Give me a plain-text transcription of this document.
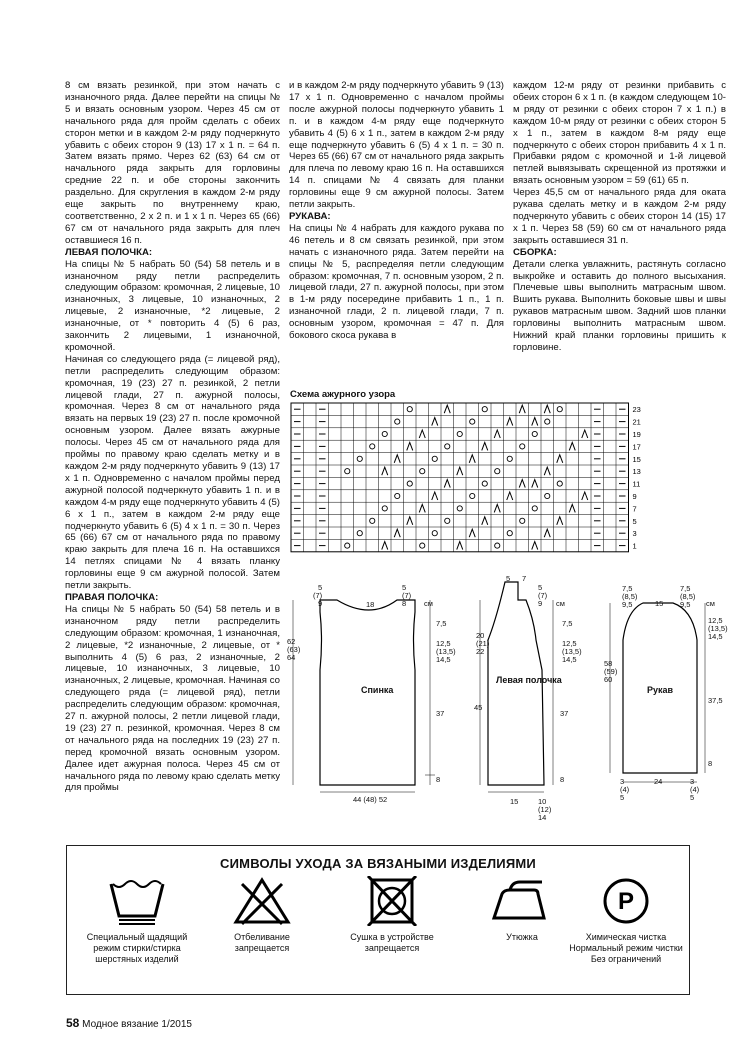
8 см вязать резинкой, при этом начать с изнаночного ряда. Далее перейти на спицы № 5 и вязать основным узором. Через 45 см от начального ряда для пройм сделать с обеих сторон метки и в каждом 2-м ряду подчеркнуто убавить с обеих сторон 9 (13) 17 x 1 п. = 64 п. Затем вязать прямо. Через 62 (63) 64 см от начального ряда закрыть для горловины средние 22 п. и обе стороны закончить раздельно. Для скругления в каждом 2-м ряду еще закрыть по внутреннему краю, соответственно, 2 x 2 п. и 1 x 1 п. Через 65 (66) 67 см от начального ряда закрыть для плеч оставшиеся 16 п.

ЛЕВАЯ ПОЛОЧКА:

На спицы № 5 набрать 50 (54) 58 петель и в изнаночном ряду петли распределить следующим образом: кромочная, 2 лицевые, 10 изнаночных, 3 лицевые, 10 изнаночных, 2 лицевые, 2 изнаночные, *2 лицевые, 2 изнаночные, от * повторить 4 (5) 6 раз, закончить 2 лицевыми, 1 изнаночной, кромочной.

Начиная со следующего ряда (= лицевой ряд), петли распределить следующим образом: кромочная, 19 (23) 27 п. резинкой, 2 петли лицевой глади, 27 п. ажурной полосы, кромочная. Через 8 см от начального ряда вязать на первых 19 (23) 27 п. после кромочной основным узором. Далее вязать ажурные полосы. Через 45 см от начального ряда для проймы по правому краю сделать метку и в каждом 2-м ряду подчеркнуто убавить 9 (13) 17 x 1 п. Одновременно с началом проймы перед ажурной полосой подчеркнуто убавить 1 п. и в каждом 4-м ряду еще подчеркнуто убавить 4 (5) 6 x 1 п., затем в каждом 2-м ряду еще подчеркнуто убавить 6 (5) 4 x 1 п. = 30 п. Через 65 (66) 67 см от начального ряда по правому краю закрыть для плеча 16 п. На оставшихся 14 петлях спицами № 4 вязать планку горловины еще 9 см ажурной полосой. Затем петли закрыть.

ПРАВАЯ ПОЛОЧКА:

На спицы № 5 набрать 50 (54) 58 петель и в изнаночном ряду петли распределить следующим образом: кромочная, 1 изнаночная, 2 лицевые, *2 изнаночные, 2 лицевые, от * выполнить 4 (5) 6 раз, 2 изнаночные, 2 лицевые, 10 изнаночных, 3 лицевые, 10 изнаночных, 2 лицевые, кромочная. Начиная со следующего ряда (= лицевой ряд), петли распределить следующим образом: кромочная, 27 п. ажурной полосы, 2 петли лицевой глади, 19 (23) 27 п. резинкой, кромочная. Через 8 см от начального ряда на последних 19 (23) 27 п. перед кромочной вязать основным узором. Далее идет ажурная полоса. Через 45 см от начального ряда по левому краю сделать метку для проймы

и в каждом 2-м ряду подчеркнуто убавить 9 (13) 17 x 1 п. Одновременно с началом проймы после ажурной полосы подчеркнуто убавить 1 п. и в каждом 4-м ряду еще подчеркнуто убавить 4 (5) 6 x 1 п., затем в каждом 2-м ряду еще подчеркнуто убавить 6 (5) 4 x 1 п. = 30 п. Через 65 (66) 67 см от начального ряда закрыть для плеча по левому краю 16 п. На оставшихся 14 п. спицами № 4 связать для планки горловины еще 9 см ажурной полосы. Затем петли закрыть.

РУКАВА:

На спицы № 4 набрать для каждого рукава по 46 петель и 8 см связать резинкой, при этом начать с изнаночного ряда. Затем перейти на спицы № 5, распределяя петли следующим образом: кромочная, 7 п. основным узором, 2 п. лицевой глади, 27 п. ажурной полосы, при этом в 1-м ряду посередине прибавить 1 п., 1 п. изнаночной глади, 2 п. лицевой глади, 7 п. основным узором, кромочная = 47 п. Для бокового скоса рукава в

каждом 12-м ряду от резинки прибавить с обеих сторон 6 x 1 п. (в каждом следующем 10-м ряду от резинки с обеих сторон 7 x 1 п.) в каждом 10-м ряду от резинки с обеих сторон 5 x 1 п., затем в каждом 8-м ряду еще подчеркнуто с обеих сторон прибавить 4 x 1 п. Прибавки рядом с кромочной и 1-й лицевой петлей вывязывать скрещенной из протяжки и вязать основным узором = 59 (61) 65 п.

Через 45,5 см от начального ряда для оката рукава сделать метку и в каждом 2-м ряду подчеркнуто убавить с обеих сторон 14 (15) 17 x 1 п. Через 58 (59) 60 см от начального ряда закрыть оставшиеся 31 п.

СБОРКА:

Детали слегка увлажнить, растянуть согласно выкройке и оставить до полного высыхания. Плечевые швы выполнить матрасным швом. Вшить рукава. Выполнить боковые швы и швы рукавов матрасным швом. Задний шов планки горловины выполнить матрасным швом. Нижний край планки горловины пришить к горловине.

Схема ажурного узора
23
21
19
17
15
13
11
9
7
5
3
1
5
(7)
9	18
5
(7)
8	см
7,5
12,5
(13,5)
14,5
37
8
62
(63)
64
44 (48) 52
Спинка
5 7
5
(7)
9	см
7,5
12,5
(13,5)
14,5
37
8
20
(21)
22
45
15	10
(12)
14
Левая полочка
7,5
(8,5)
9,5	15
7,5
(8,5)
9,5	см
12,5
(13,5)
14,5
37,5
8
58
(59)
60
3
(4)
5
24	3
(4)
5
Рукав
СИМВОЛЫ УХОДА ЗА ВЯЗАНЫМИ ИЗДЕЛИЯМИ
Специальный щадящий
режим стирки/стирка
шерстяных изделий
Отбеливание
запрещается
Сушка в устройстве
запрещается
Утюжка
P
Химическая чистка
Нормальный режим чистки
Без ограничений
58 Модное вязание 1/2015
